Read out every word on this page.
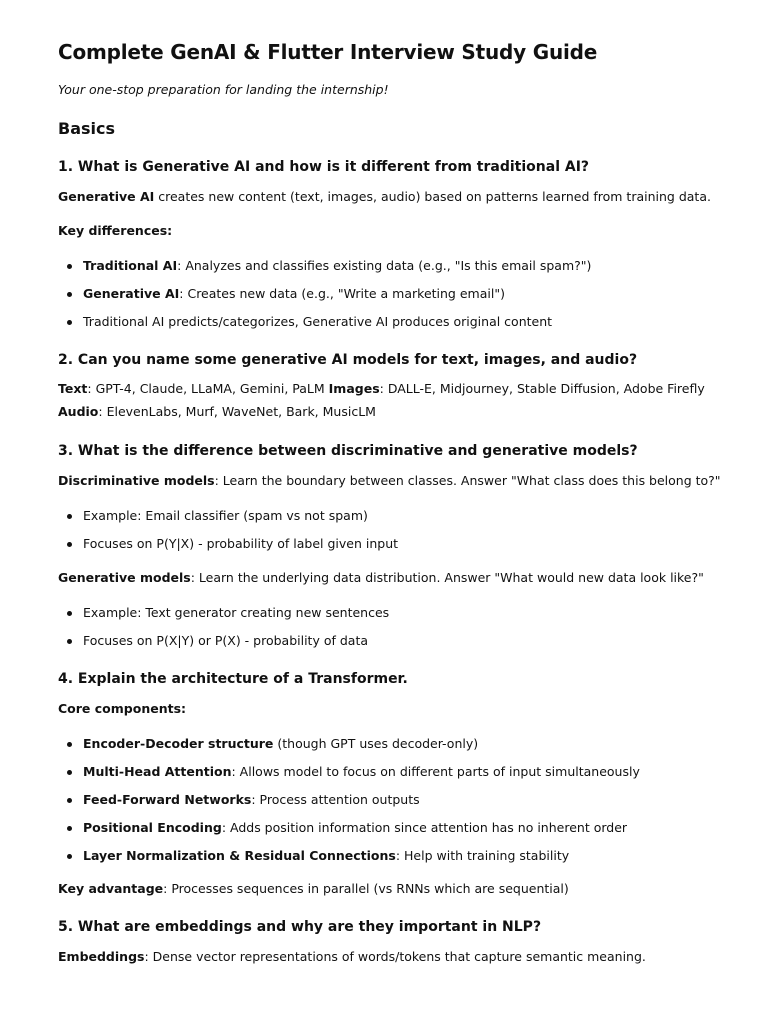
Complete GenAI & Flutter Interview Study Guide

Your one-stop preparation for landing the internship!

Basics
1. What is Generative AI and how is it different from traditional AI?

Generative AI creates new content (text, images, audio) based on patterns learned from training data.

Key differences:

Traditional AI: Analyzes and classifies existing data (e.g., "Is this email spam?")
Generative AI: Creates new data (e.g., "Write a marketing email")
Traditional AI predicts/categorizes, Generative AI produces original content
2. Can you name some generative AI models for text, images, and audio?

Text: GPT-4, Claude, LLaMA, Gemini, PaLM Images: DALL-E, Midjourney, Stable Diffusion, Adobe Firefly

Audio: ElevenLabs, Murf, WaveNet, Bark, MusicLM

3. What is the difference between discriminative and generative models?

Discriminative models: Learn the boundary between classes. Answer "What class does this belong to?"

Example: Email classifier (spam vs not spam)
Focuses on P(Y|X) - probability of label given input

Generative models: Learn the underlying data distribution. Answer "What would new data look like?"

Example: Text generator creating new sentences
Focuses on P(X|Y) or P(X) - probability of data
4. Explain the architecture of a Transformer.

Core components:

Encoder-Decoder structure (though GPT uses decoder-only)
Multi-Head Attention: Allows model to focus on different parts of input simultaneously
Feed-Forward Networks: Process attention outputs
Positional Encoding: Adds position information since attention has no inherent order
Layer Normalization & Residual Connections: Help with training stability

Key advantage: Processes sequences in parallel (vs RNNs which are sequential)

5. What are embeddings and why are they important in NLP?

Embeddings: Dense vector representations of words/tokens that capture semantic meaning.
